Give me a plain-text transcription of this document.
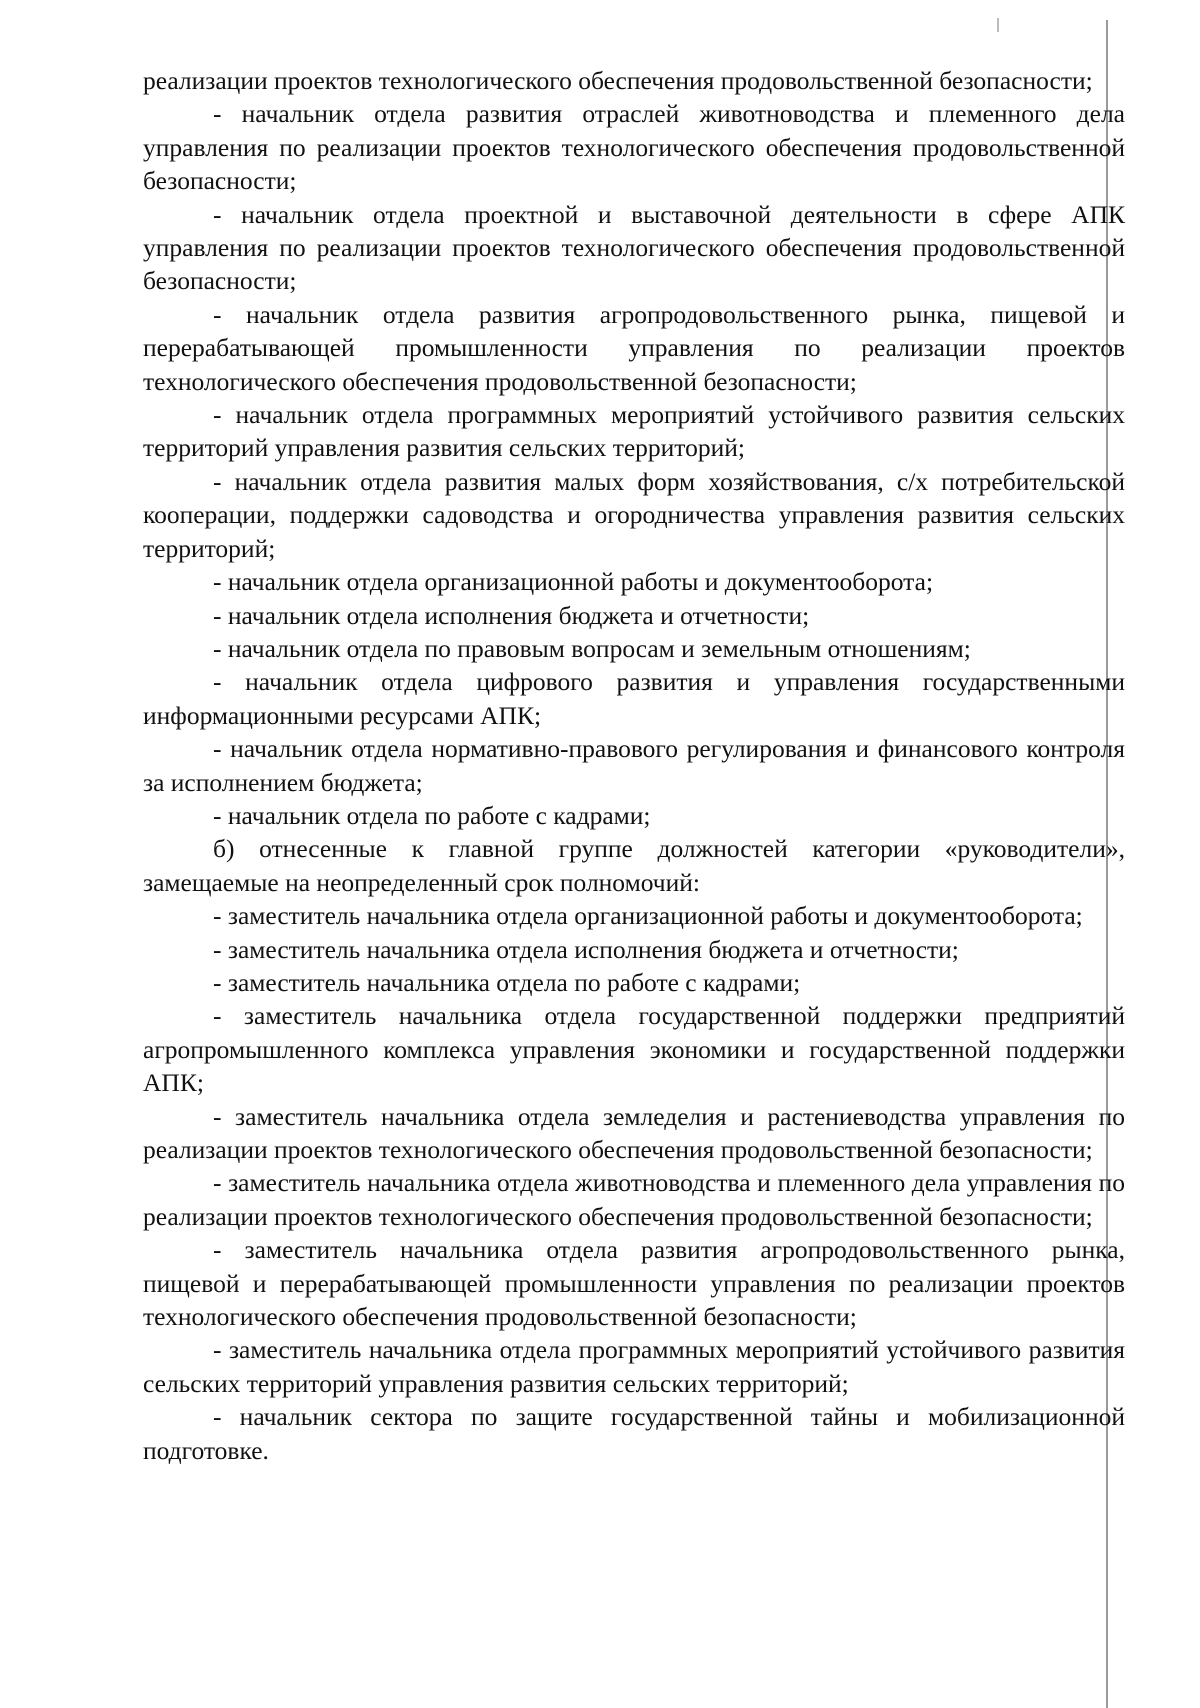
реализации проектов технологического обеспечения продовольственной безопасности;

- начальник отдела развития отраслей животноводства и племенного дела управления по реализации проектов технологического обеспечения продовольственной безопасности;

- начальник отдела проектной и выставочной деятельности в сфере АПК управления по реализации проектов технологического обеспечения продовольственной безопасности;

- начальник отдела развития агропродовольственного рынка, пищевой и перерабатывающей промышленности управления по реализации проектов технологического обеспечения продовольственной безопасности;

- начальник отдела программных мероприятий устойчивого развития сельских территорий управления развития сельских территорий;

- начальник отдела развития малых форм хозяйствования, с/х потребительской кооперации, поддержки садоводства и огородничества управления развития сельских территорий;

- начальник отдела организационной работы и документооборота;

- начальник отдела исполнения бюджета и отчетности;

- начальник отдела по правовым вопросам и земельным отношениям;

- начальник отдела цифрового развития и управления государственными информационными ресурсами АПК;

- начальник отдела нормативно-правового регулирования и финансового контроля за исполнением бюджета;

- начальник отдела по работе с кадрами;

б) отнесенные к главной группе должностей категории «руководители», замещаемые на неопределенный срок полномочий:

- заместитель начальника отдела организационной работы и документооборота;

- заместитель начальника отдела исполнения бюджета и отчетности;

- заместитель начальника отдела по работе с кадрами;

- заместитель начальника отдела государственной поддержки предприятий агропромышленного комплекса управления экономики и государственной поддержки АПК;

- заместитель начальника отдела земледелия и растениеводства управления по реализации проектов технологического обеспечения продовольственной безопасности;

- заместитель начальника отдела животноводства и племенного дела управления по реализации проектов технологического обеспечения продовольственной безопасности;

- заместитель начальника отдела развития агропродовольственного рынка, пищевой и перерабатывающей промышленности управления по реализации проектов технологического обеспечения продовольственной безопасности;

- заместитель начальника отдела программных мероприятий устойчивого развития сельских территорий управления развития сельских территорий;

- начальник сектора по защите государственной тайны и мобилизационной подготовке.
